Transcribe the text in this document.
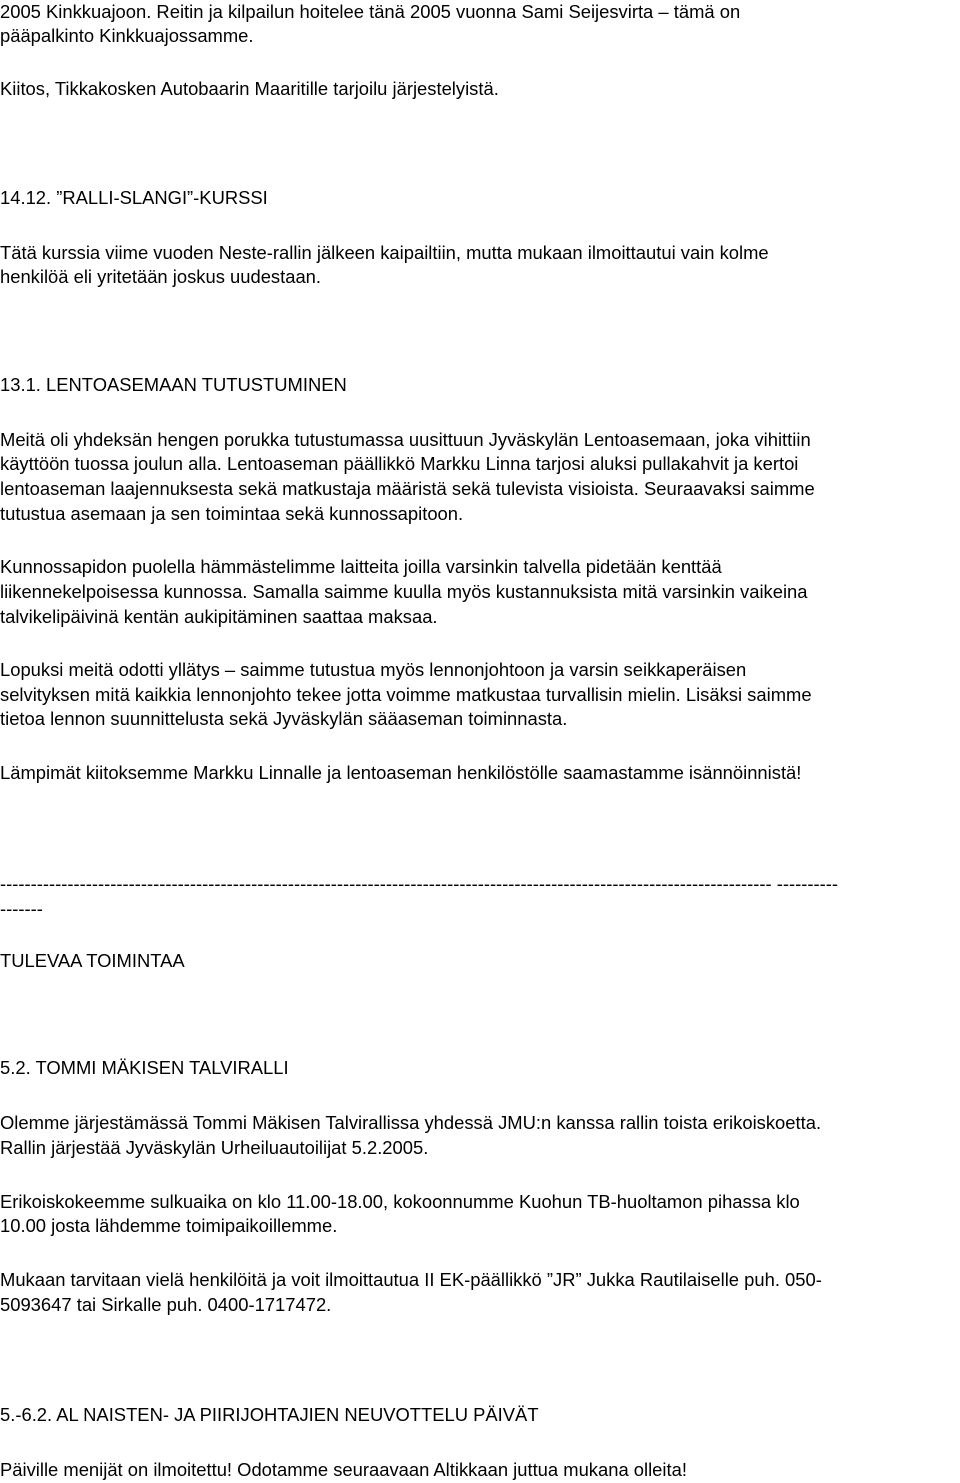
2005 Kinkkuajoon. Reitin ja kilpailun hoitelee tänä 2005 vuonna Sami Seijesvirta – tämä on

pääpalkinto Kinkkuajossamme.

Kiitos, Tikkakosken Autobaarin Maaritille tarjoilu järjestelyistä.

14.12. ”RALLI-SLANGI”-KURSSI

Tätä kurssia viime vuoden Neste-rallin jälkeen kaipailtiin, mutta mukaan ilmoittautui vain kolme

henkilöä eli yritetään joskus uudestaan.

13.1. LENTOASEMAAN TUTUSTUMINEN

Meitä oli yhdeksän hengen porukka tutustumassa uusittuun Jyväskylän Lentoasemaan, joka vihittiin

käyttöön tuossa joulun alla. Lentoaseman päällikkö Markku Linna tarjosi aluksi pullakahvit ja kertoi

lentoaseman laajennuksesta sekä matkustaja määristä sekä tulevista visioista. Seuraavaksi saimme

tutustua asemaan ja sen toimintaa sekä kunnossapitoon.

Kunnossapidon puolella hämmästelimme laitteita joilla varsinkin talvella pidetään kenttää

liikennekelpoisessa kunnossa. Samalla saimme kuulla myös kustannuksista mitä varsinkin vaikeina

talvikelipäivinä kentän aukipitäminen saattaa maksaa.

Lopuksi meitä odotti yllätys – saimme tutustua myös lennonjohtoon ja varsin seikkaperäisen

selvityksen mitä kaikkia lennonjohto tekee jotta voimme matkustaa turvallisin mielin. Lisäksi saimme

tietoa lennon suunnittelusta sekä Jyväskylän sääaseman toiminnasta.

Lämpimät kiitoksemme Markku Linnalle ja lentoaseman henkilöstölle saamastamme isännöinnistä!

------------------------------------------------------------------------------------------------------------------------------ ----------

-------

TULEVAA TOIMINTAA

5.2. TOMMI MÄKISEN TALVIRALLI

Olemme järjestämässä Tommi Mäkisen Talvirallissa yhdessä JMU:n kanssa rallin toista erikoiskoetta.

Rallin järjestää Jyväskylän Urheiluautoilijat 5.2.2005.

Erikoiskokeemme sulkuaika on klo 11.00-18.00, kokoonnumme Kuohun TB-huoltamon pihassa klo

10.00 josta lähdemme toimipaikoillemme.

Mukaan tarvitaan vielä henkilöitä ja voit ilmoittautua II EK-päällikkö ”JR” Jukka Rautilaiselle puh. 050-

5093647 tai Sirkalle puh. 0400-1717472.

5.-6.2. AL NAISTEN- JA PIIRIJOHTAJIEN NEUVOTTELU PÄIVÄT

Päiville menijät on ilmoitettu! Odotamme seuraavaan Altikkaan juttua mukana olleita!
